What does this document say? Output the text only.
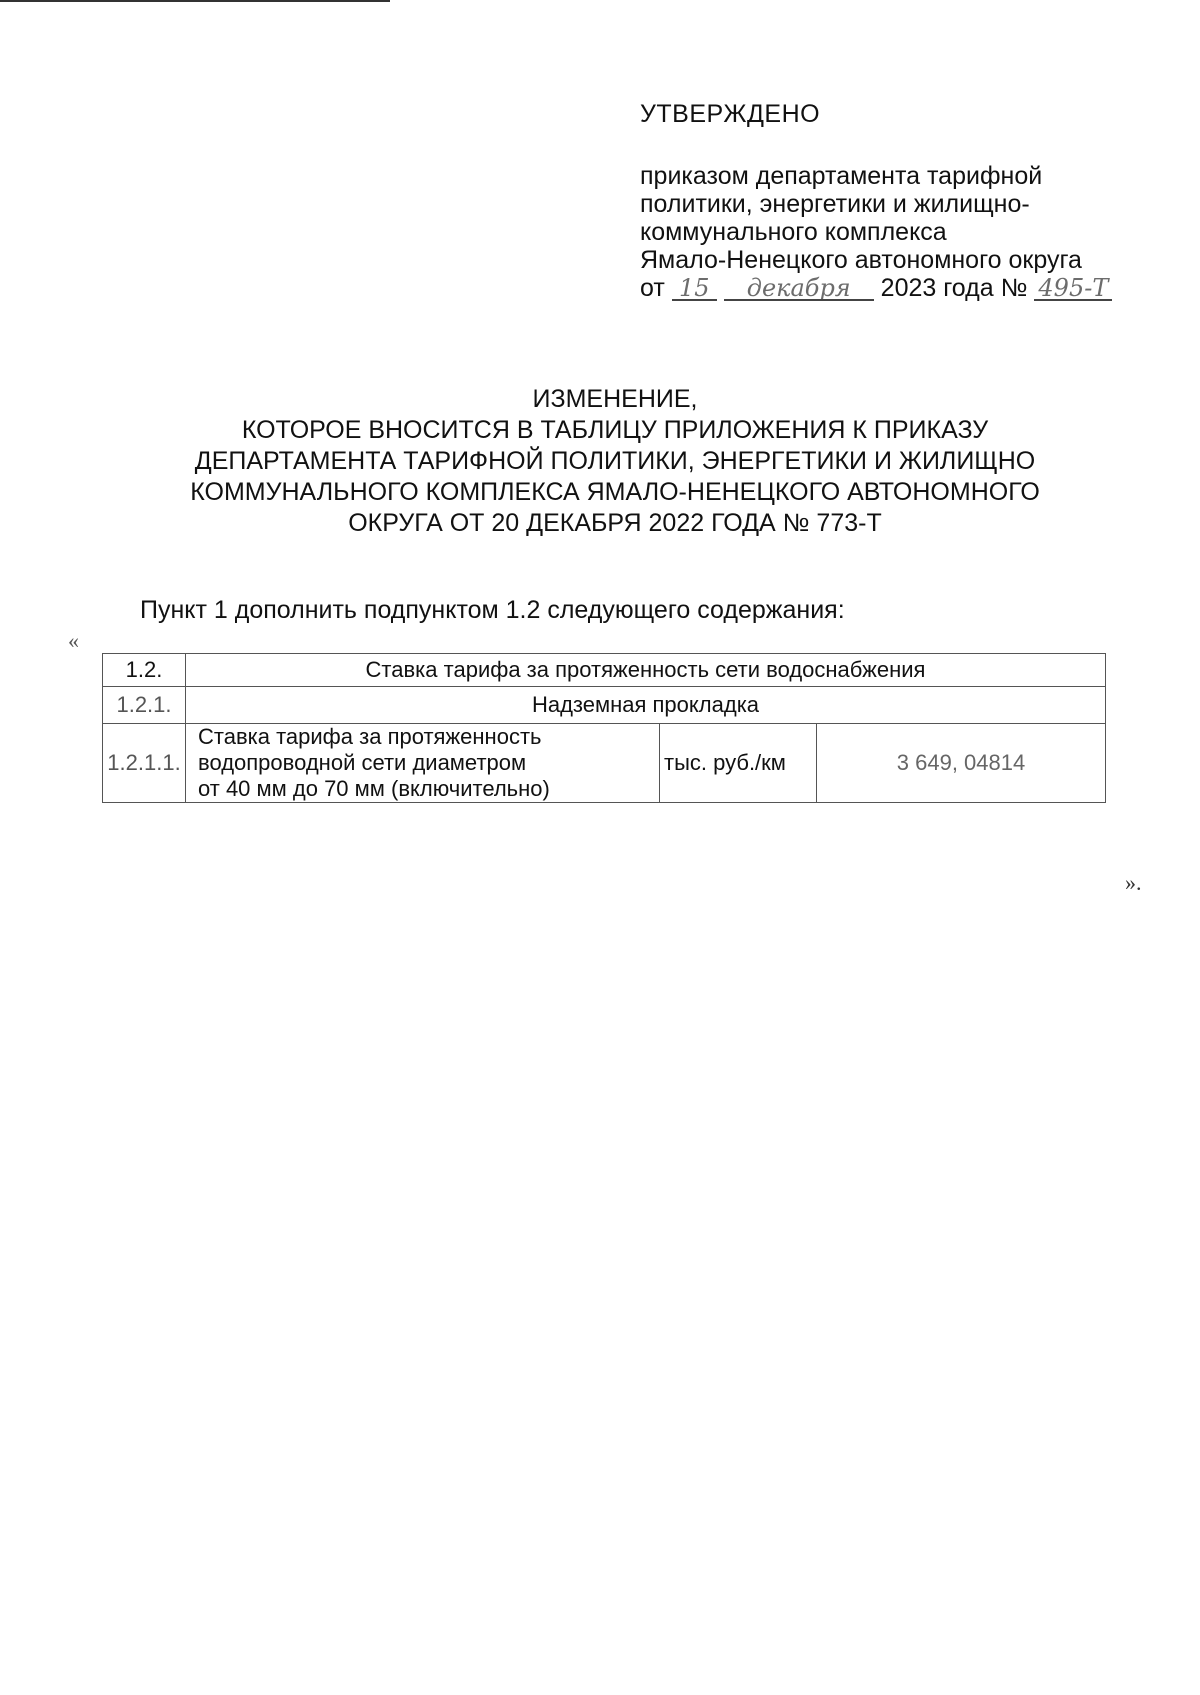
УТВЕРЖДЕНО
приказом департамента тарифной
политики, энергетики и жилищно-
коммунального комплекса
Ямало-Ненецкого автономного округа
от 15 декабря 2023 года № 495-Т
ИЗМЕНЕНИЕ,
КОТОРОЕ ВНОСИТСЯ В ТАБЛИЦУ ПРИЛОЖЕНИЯ К ПРИКАЗУ
ДЕПАРТАМЕНТА ТАРИФНОЙ ПОЛИТИКИ, ЭНЕРГЕТИКИ И ЖИЛИЩНО
КОММУНАЛЬНОГО КОМПЛЕКСА ЯМАЛО-НЕНЕЦКОГО АВТОНОМНОГО
ОКРУГА ОТ 20 ДЕКАБРЯ 2022 ГОДА № 773-Т
Пункт 1 дополнить подпунктом 1.2 следующего содержания:
«
1.2.	Ставка тарифа за протяженность сети водоснабжения		
1.2.1.	Надземная прокладка		
1.2.1.1.	Ставка тарифа за протяженность
водопроводной сети диаметром
от 40 мм до 70 мм (включительно)	тыс. руб./км	3 649, 04814
».
